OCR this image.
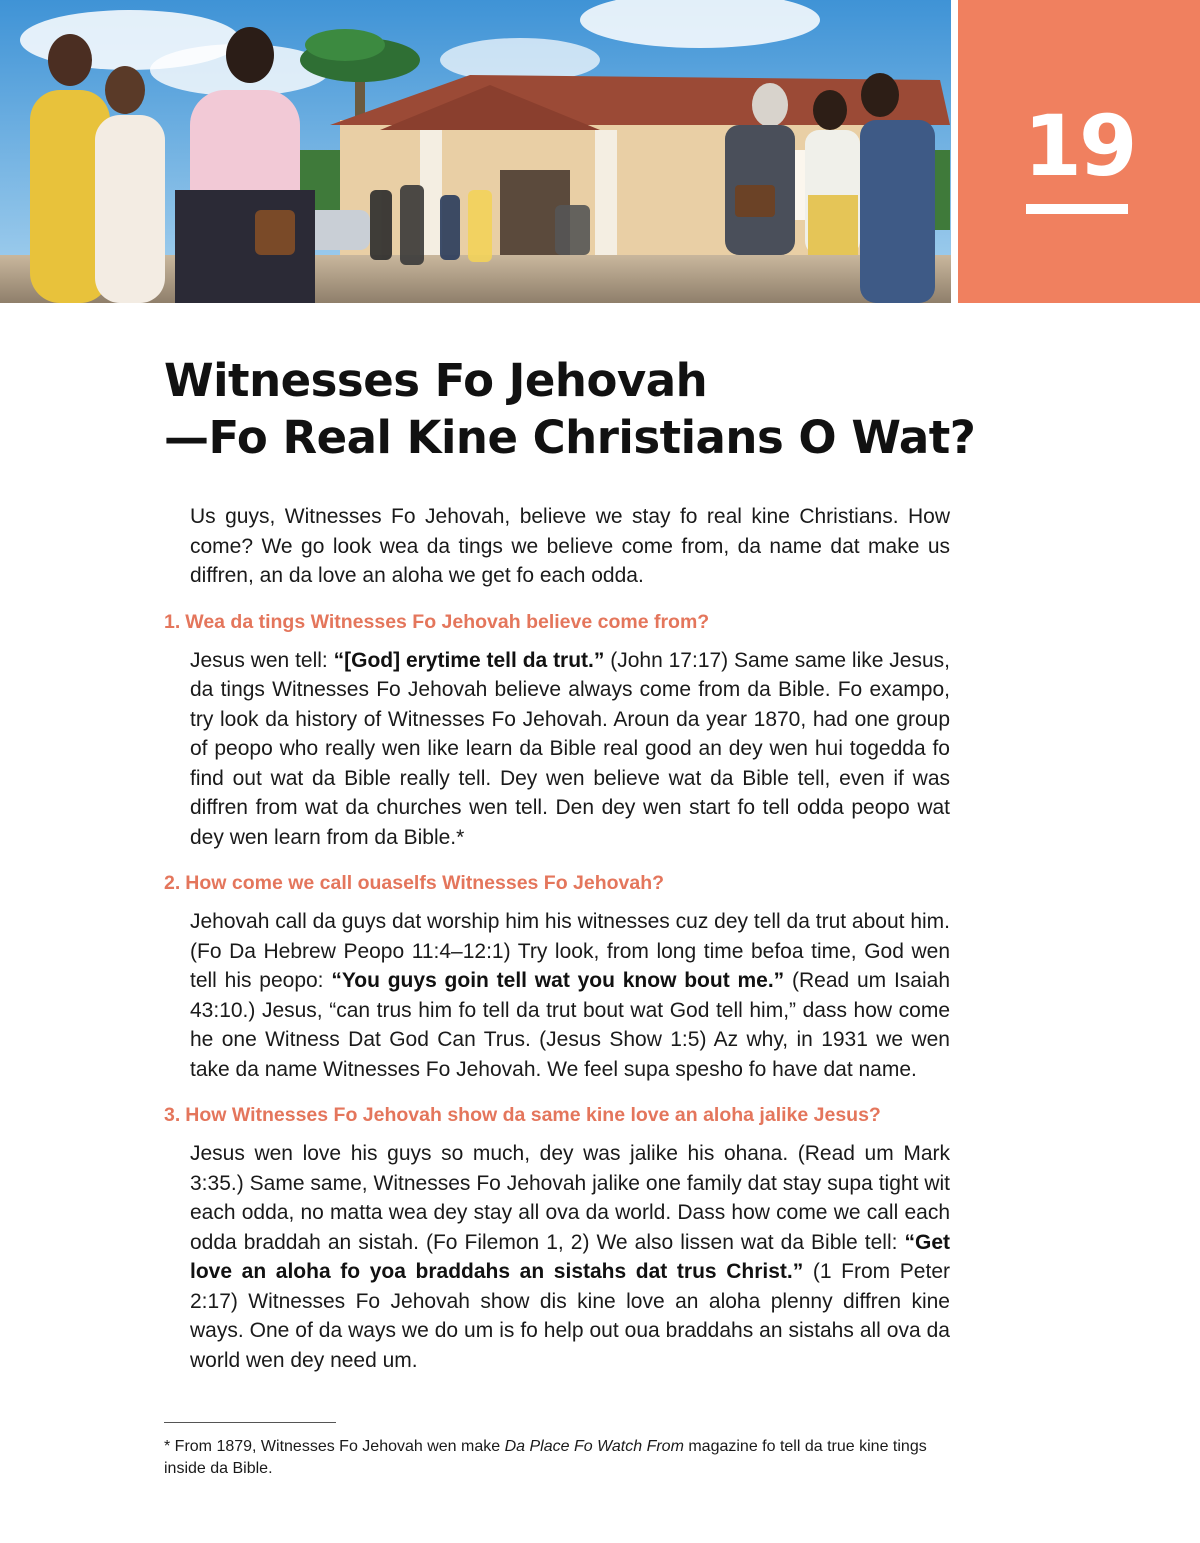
19
Witnesses Fo Jehovah
—Fo Real Kine Christians O Wat?

Us guys, Witnesses Fo Jehovah, believe we stay fo real kine Christians. How come? We go look wea da tings we believe come from, da name dat make us diffren, an da love an aloha we get fo each odda.

1. Wea da tings Witnesses Fo Jehovah believe come from?

Jesus wen tell: “[God] erytime tell da trut.” (John 17:17) Same same like Jesus, da tings Witnesses Fo Jehovah believe always come from da Bible. Fo exampo, try look da history of Witnesses Fo Jehovah. Aroun da year 1870, had one group of peopo who really wen like learn da Bible real good an dey wen hui togedda fo find out wat da Bible really tell. Dey wen believe wat da Bible tell, even if was diffren from wat da churches wen tell. Den dey wen start fo tell odda peopo wat dey wen learn from da Bible.*

2. How come we call ouaselfs Witnesses Fo Jehovah?

Jehovah call da guys dat worship him his witnesses cuz dey tell da trut about him. (Fo Da Hebrew Peopo 11:4–12:1) Try look, from long time befoa time, God wen tell his peopo: “You guys goin tell wat you know bout me.” (Read um Isaiah 43:10.) Jesus, “can trus him fo tell da trut bout wat God tell him,” dass how come he one Witness Dat God Can Trus. (Jesus Show 1:5) Az why, in 1931 we wen take da name Witnesses Fo Jehovah. We feel supa spesho fo have dat name.

3. How Witnesses Fo Jehovah show da same kine love an aloha jalike Jesus?

Jesus wen love his guys so much, dey was jalike his ohana. (Read um Mark 3:35.) Same same, Witnesses Fo Jehovah jalike one family dat stay supa tight wit each odda, no matta wea dey stay all ova da world. Dass how come we call each odda braddah an sistah. (Fo Filemon 1, 2) We also lissen wat da Bible tell: “Get love an aloha fo yoa braddahs an sistahs dat trus Christ.” (1 From Peter 2:17) Witnesses Fo Jehovah show dis kine love an aloha plenny diffren kine ways. One of da ways we do um is fo help out oua braddahs an sistahs all ova da world wen dey need um.

* From 1879, Witnesses Fo Jehovah wen make Da Place Fo Watch From magazine fo tell da true kine tings inside da Bible.
